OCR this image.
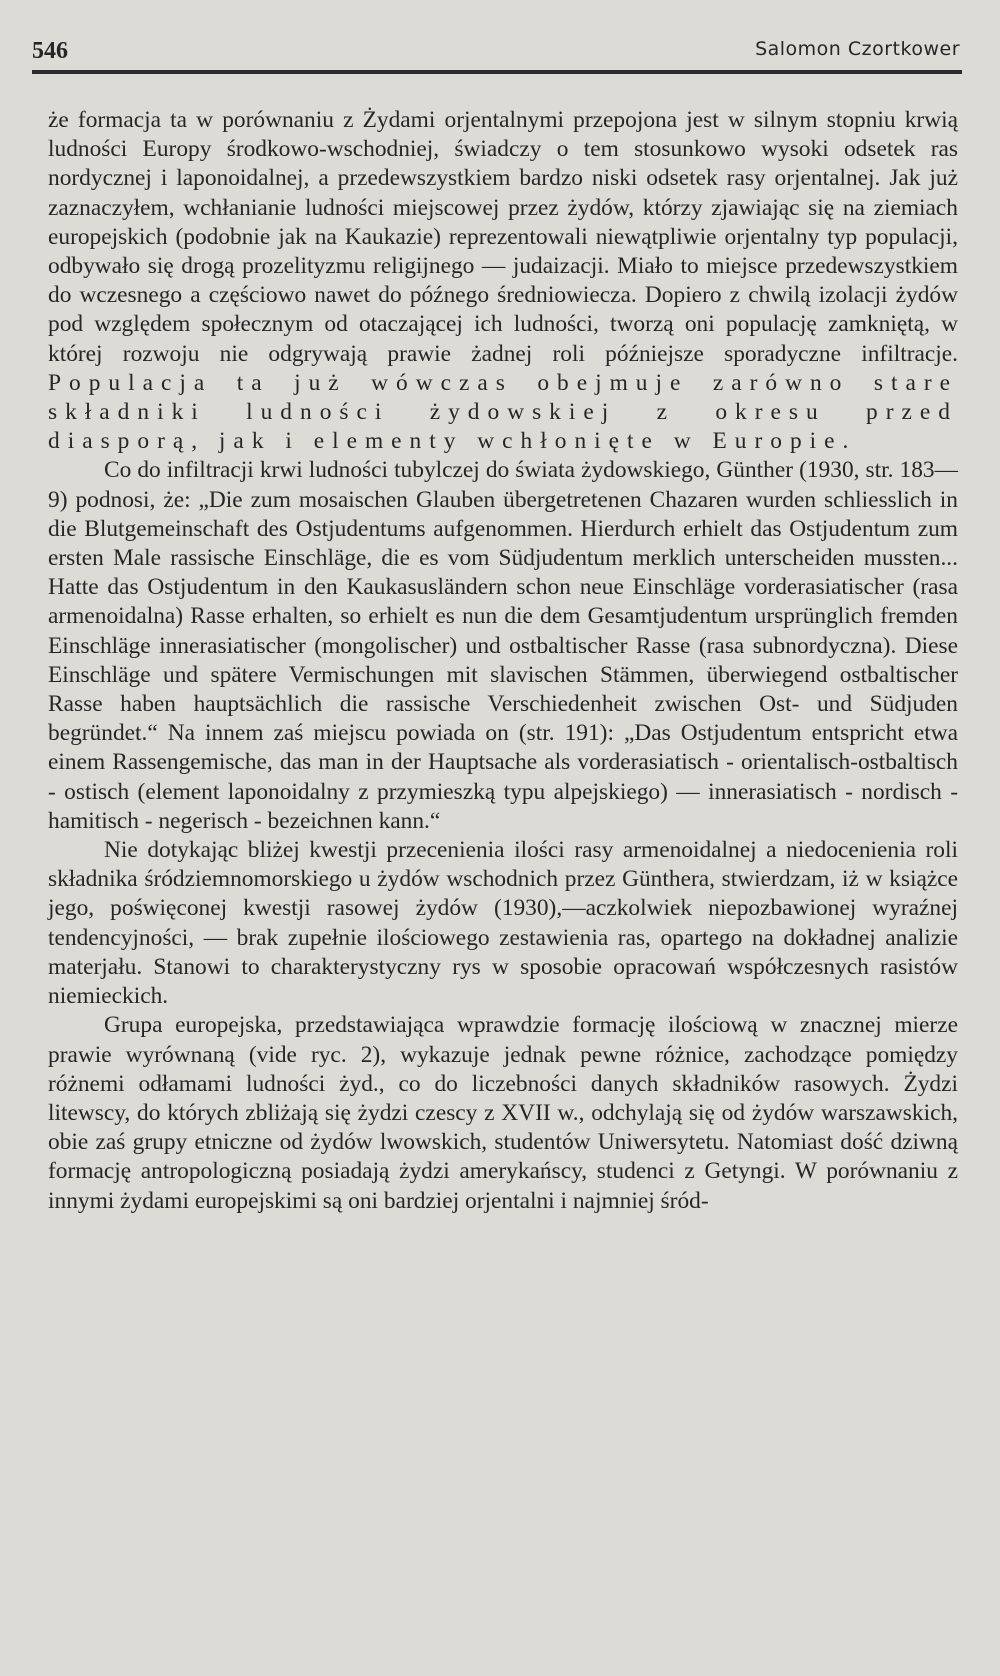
546	Salomon Czortkower

że formacja ta w porównaniu z Żydami orjentalnymi przepojona jest w silnym stopniu krwią ludności Europy środkowo-wschodniej, świadczy o tem stosunkowo wysoki odsetek ras nordycznej i laponoidalnej, a przedewszystkiem bardzo niski odsetek rasy orjentalnej. Jak już zaznaczyłem, wchłanianie ludności miejscowej przez żydów, którzy zjawiając się na ziemiach europejskich (podobnie jak na Kaukazie) reprezentowali niewątpliwie orjentalny typ populacji, odbywało się drogą prozelityzmu religijnego — judaizacji. Miało to miejsce przedewszystkiem do wczesnego a częściowo nawet do późnego średniowiecza. Dopiero z chwilą izolacji żydów pod względem społecznym od otaczającej ich ludności, tworzą oni populację zamkniętą, w której rozwoju nie odgrywają prawie żadnej roli późniejsze sporadyczne infiltracje. Populacja ta już wówczas obejmuje zarówno stare składniki ludności żydowskiej z okresu przed diasporą, jak i elementy wchłonięte w Europie.

Co do infiltracji krwi ludności tubylczej do świata żydowskiego, Günther (1930, str. 183—9) podnosi, że: „Die zum mosaischen Glauben übergetretenen Chazaren wurden schliesslich in die Blutgemeinschaft des Ostjudentums aufgenommen. Hierdurch erhielt das Ostjudentum zum ersten Male rassische Einschläge, die es vom Südjudentum merklich unterscheiden mussten... Hatte das Ostjudentum in den Kaukasusländern schon neue Einschläge vorderasiatischer (rasa armenoidalna) Rasse erhalten, so erhielt es nun die dem Gesamtjudentum ursprünglich fremden Einschläge innerasiatischer (mongolischer) und ostbaltischer Rasse (rasa subnordyczna). Diese Einschläge und spätere Vermischungen mit slavischen Stämmen, überwiegend ostbaltischer Rasse haben hauptsächlich die rassische Verschiedenheit zwischen Ost- und Südjuden begründet.“ Na innem zaś miejscu powiada on (str. 191): „Das Ostjudentum entspricht etwa einem Rassengemische, das man in der Hauptsache als vorderasiatisch - orientalisch-ostbaltisch - ostisch (element laponoidalny z przymieszką typu alpejskiego) — innerasiatisch - nordisch - hamitisch - negerisch - bezeichnen kann.“

Nie dotykając bliżej kwestji przecenienia ilości rasy armenoidalnej a niedocenienia roli składnika śródziemnomorskiego u żydów wschodnich przez Günthera, stwierdzam, iż w książce jego, poświęconej kwestji rasowej żydów (1930),—aczkolwiek niepozbawionej wyraźnej tendencyjności, — brak zupełnie ilościowego zestawienia ras, opartego na dokładnej analizie materjału. Stanowi to charakterystyczny rys w sposobie opracowań współczesnych rasistów niemieckich.

Grupa europejska, przedstawiająca wprawdzie formację ilościową w znacznej mierze prawie wyrównaną (vide ryc. 2), wykazuje jednak pewne różnice, zachodzące pomiędzy różnemi odłamami ludności żyd., co do liczebności danych składników rasowych. Żydzi litewscy, do których zbliżają się żydzi czescy z XVII w., odchylają się od żydów warszawskich, obie zaś grupy etniczne od żydów lwowskich, studentów Uniwersytetu. Natomiast dość dziwną formację antropologiczną posiadają żydzi amerykańscy, studenci z Getyngi. W porównaniu z innymi żydami europejskimi są oni bardziej orjentalni i najmniej śród-
